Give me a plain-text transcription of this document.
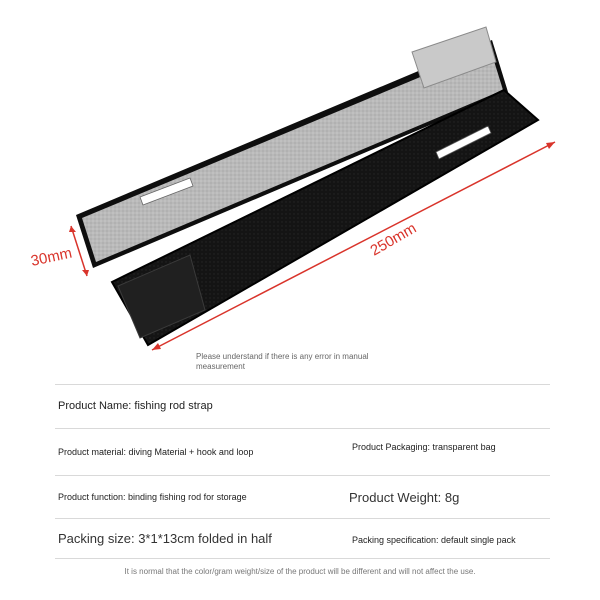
30mm	250mm
Please understand if there is any error in manual measurement
Product Name: fishing rod strap
Product material: diving Material + hook and loop	Product Packaging: transparent bag
Product function: binding fishing rod for storage	Product Weight: 8g
Packing size: 3*1*13cm folded in half	Packing specification: default single pack
It is normal that the color/gram weight/size of the product will be different and will not affect the use.
